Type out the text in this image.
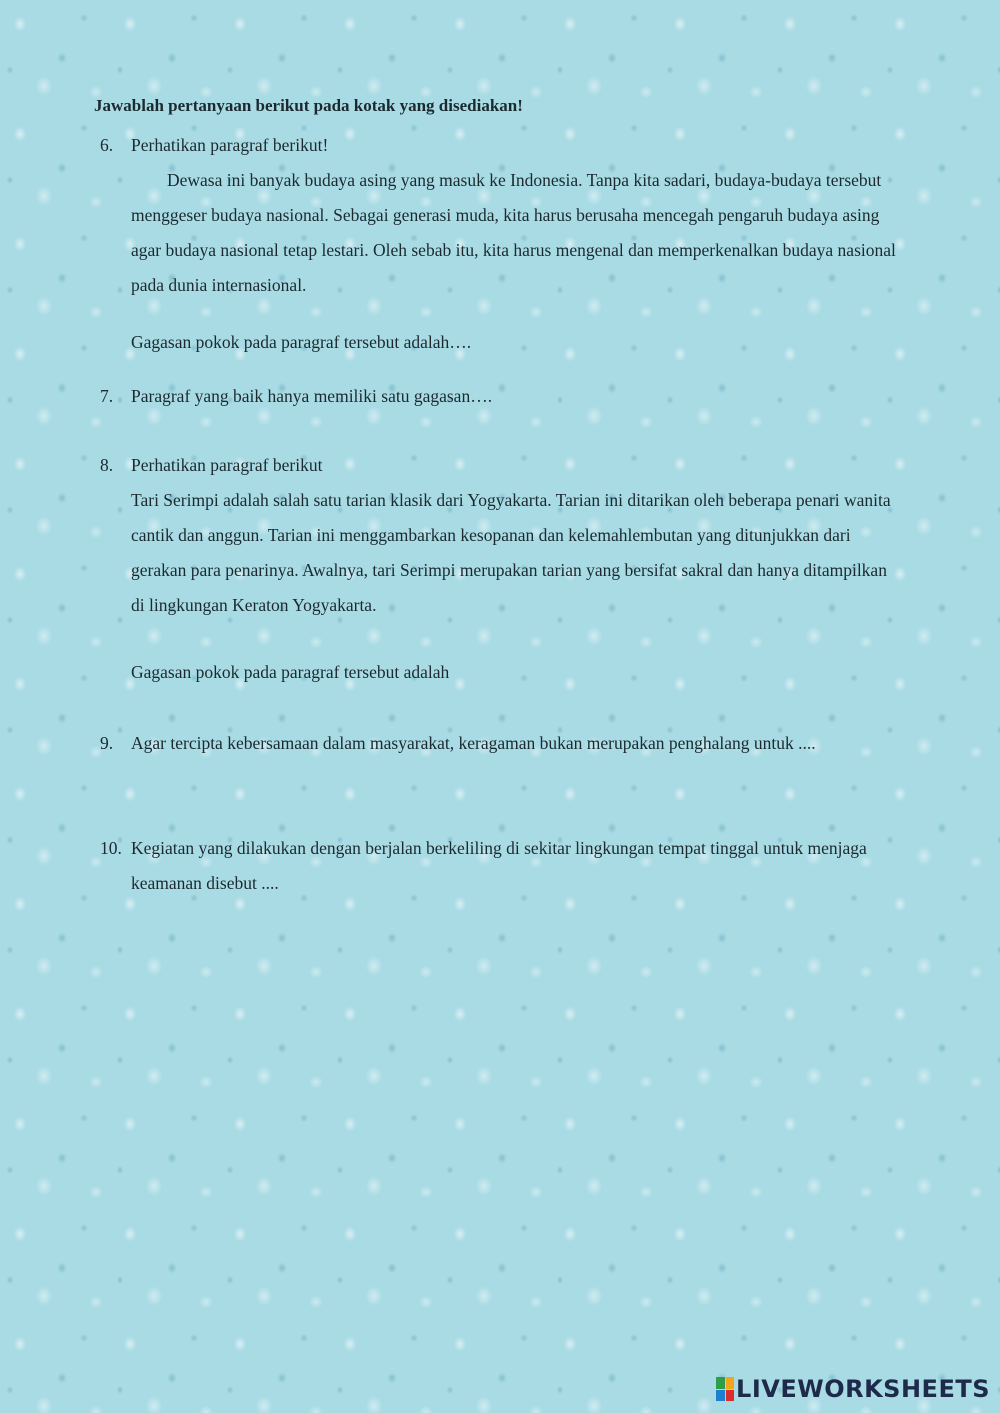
Jawablah pertanyaan berikut pada kotak yang disediakan!

6. Perhatikan paragraf berikut!

Dewasa ini banyak budaya asing yang masuk ke Indonesia. Tanpa kita sadari, budaya-budaya tersebut menggeser budaya nasional. Sebagai generasi muda, kita harus berusaha mencegah pengaruh budaya asing agar budaya nasional tetap lestari. Oleh sebab itu, kita harus mengenal dan memperkenalkan budaya nasional pada dunia internasional.

Gagasan pokok pada paragraf tersebut adalah….

7. Paragraf yang baik hanya memiliki satu gagasan….

8. Perhatikan paragraf berikut

Tari Serimpi adalah salah satu tarian klasik dari Yogyakarta. Tarian ini ditarikan oleh beberapa penari wanita cantik dan anggun. Tarian ini menggambarkan kesopanan dan kelemahlembutan yang ditunjukkan dari gerakan para penarinya. Awalnya, tari Serimpi merupakan tarian yang bersifat sakral dan hanya ditampilkan di lingkungan Keraton Yogyakarta.

Gagasan pokok pada paragraf tersebut adalah

9. Agar tercipta kebersamaan dalam masyarakat, keragaman bukan merupakan penghalang untuk ....

10. Kegiatan yang dilakukan dengan berjalan berkeliling di sekitar lingkungan tempat tinggal untuk menjaga keamanan disebut ....

LIVEWORKSHEETS
